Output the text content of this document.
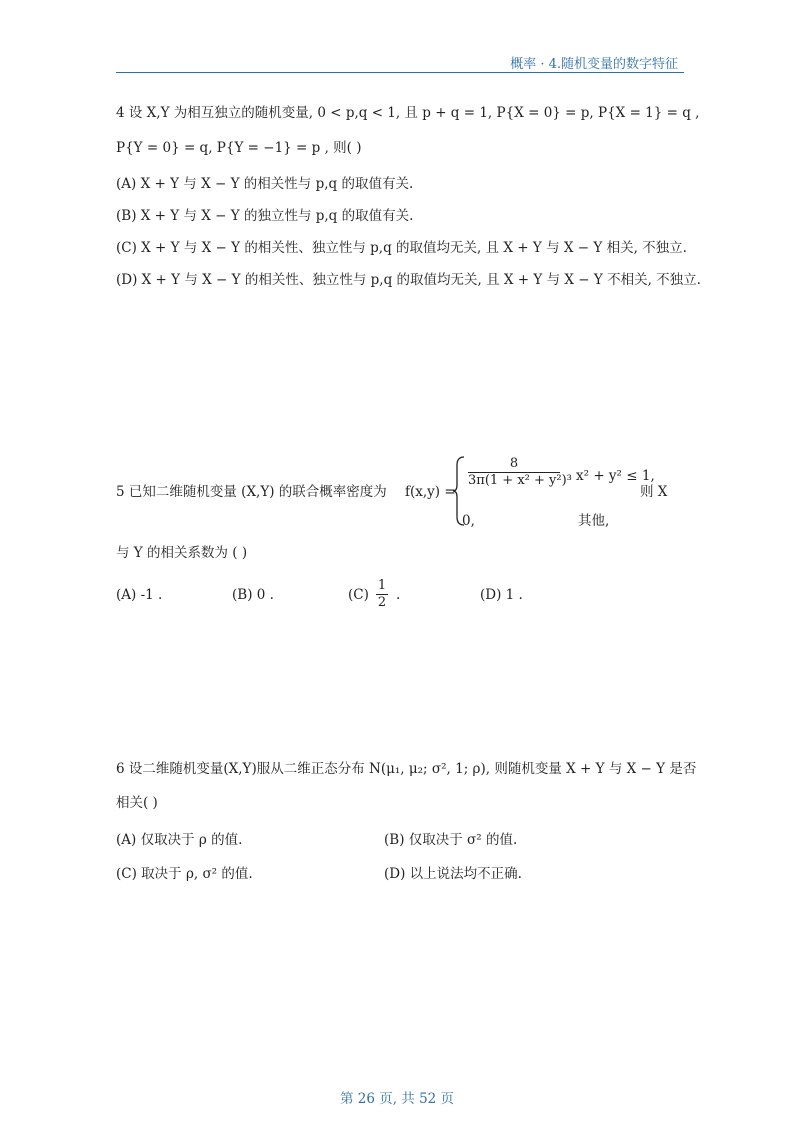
概率 · 4.随机变量的数字特征
4 设 X,Y 为相互独立的随机变量, 0 < p,q < 1, 且 p + q = 1, P{X = 0} = p, P{X = 1} = q ,
P{Y = 0} = q, P{Y = −1} = p , 则( )
(A) X + Y 与 X − Y 的相关性与 p,q 的取值有关.
(B) X + Y 与 X − Y 的独立性与 p,q 的取值有关.
(C) X + Y 与 X − Y 的相关性、独立性与 p,q 的取值均无关, 且 X + Y 与 X − Y 相关, 不独立.
(D) X + Y 与 X − Y 的相关性、独立性与 p,q 的取值均无关, 且 X + Y 与 X − Y 不相关, 不独立.
5 已知二维随机变量 (X,Y) 的联合概率密度为 f(x,y) =
$\frac{8}{\text{3π(1 + x² + y²)³}} x^2 + y^2 \le 1$,
0,	其他,
则 X
与 Y 的相关系数为 ( )
(A) -1 .	(B) 0 .	$(C) \frac{1}{2}$ .	(D) 1 .
6 设二维随机变量(X,Y)服从二维正态分布 N(μ₁, μ₂; σ², 1; ρ), 则随机变量 X + Y 与 X − Y 是否
相关( )
(A) 仅取决于 ρ 的值.	(B) 仅取决于 σ² 的值.
(C) 取决于 ρ, σ² 的值.	(D) 以上说法均不正确.
第 26 页, 共 52 页
